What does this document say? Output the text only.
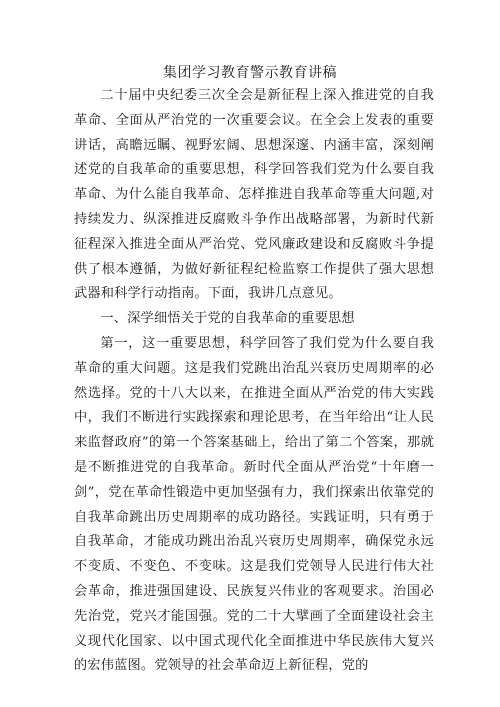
集团学习教育警示教育讲稿

二十届中央纪委三次全会是新征程上深入推进党的自我革命、全面从严治党的一次重要会议。在全会上发表的重要讲话，高瞻远瞩、视野宏阔、思想深邃、内涵丰富，深刻阐述党的自我革命的重要思想，科学回答我们党为什么要自我革命、为什么能自我革命、怎样推进自我革命等重大问题,对持续发力、纵深推进反腐败斗争作出战略部署，为新时代新征程深入推进全面从严治党、党风廉政建设和反腐败斗争提供了根本遵循，为做好新征程纪检监察工作提供了强大思想武器和科学行动指南。下面，我讲几点意见。

一、深学细悟关于党的自我革命的重要思想

第一，这一重要思想，科学回答了我们党为什么要自我革命的重大问题。这是我们党跳出治乱兴衰历史周期率的必然选择。党的十八大以来，在推进全面从严治党的伟大实践中，我们不断进行实践探索和理论思考，在当年给出“让人民来监督政府”的第一个答案基础上，给出了第二个答案，那就是不断推进党的自我革命。新时代全面从严治党“十年磨一剑”，党在革命性锻造中更加坚强有力，我们探索出依靠党的自我革命跳出历史周期率的成功路径。实践证明，只有勇于自我革命，才能成功跳出治乱兴衰历史周期率，确保党永远不变质、不变色、不变味。这是我们党领导人民进行伟大社会革命，推进强国建设、民族复兴伟业的客观要求。治国必先治党，党兴才能国强。党的二十大擘画了全面建设社会主义现代化国家、以中国式现代化全面推进中华民族伟大复兴的宏伟蓝图。党领导的社会革命迈上新征程，党的
